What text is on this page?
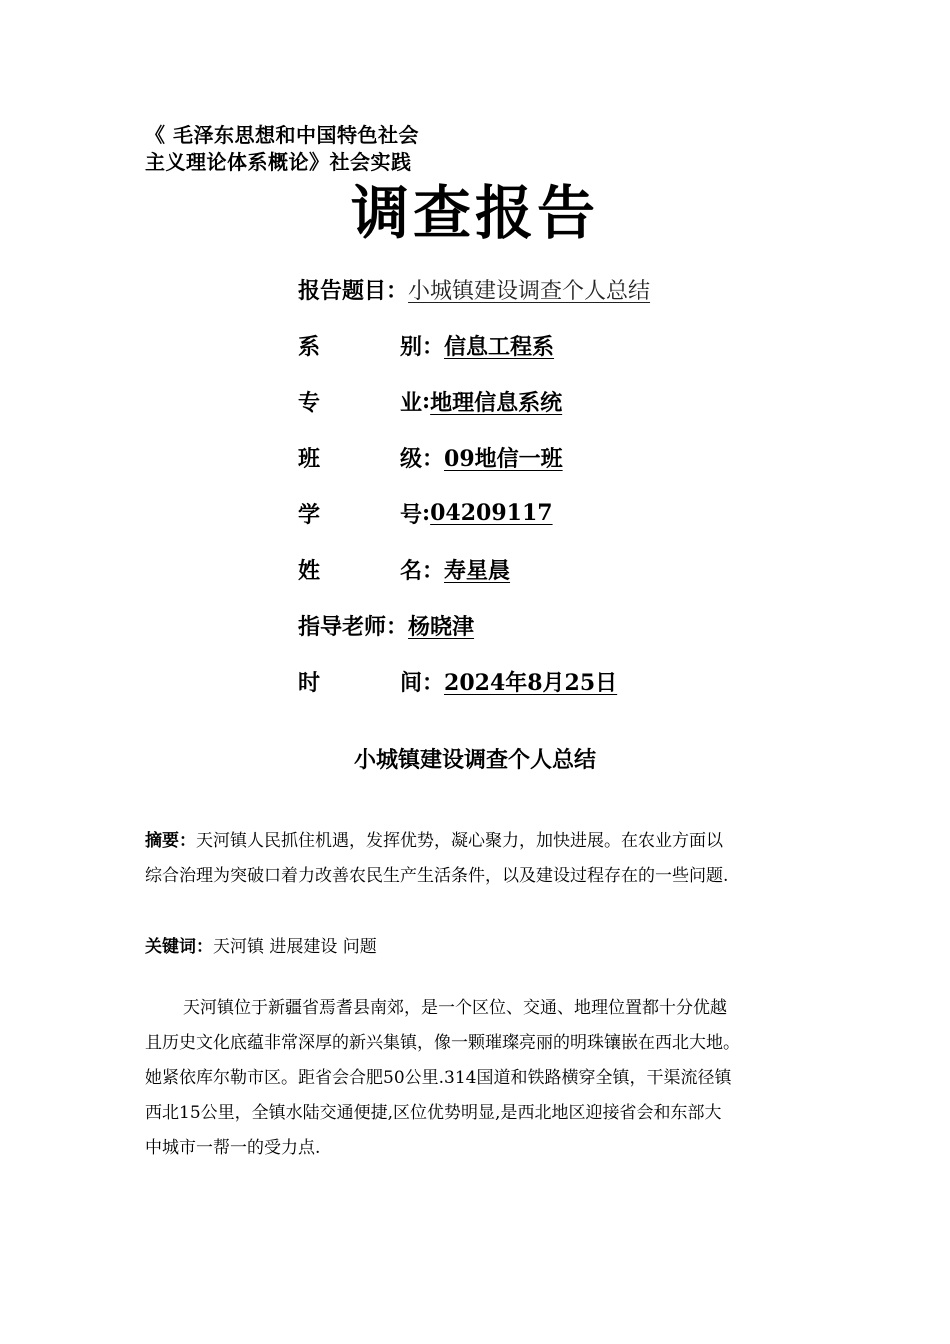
《 毛泽东思想和中国特色社会
主义理论体系概论》社会实践
调查报告
报告题目 ： 小城镇建设调查个人总结
系	别 ： 信息工程系
专	业 : 地理信息系统
班	级 ： 09地信一班
学	号 : 04209117
姓	名 ： 寿星晨
指导老师 ： 杨晓津
时	间 ： 2024年8月25日
小城镇建设调查个人总结
摘要：天河镇人民抓住机遇，发挥优势，凝心聚力，加快进展。在农业方面以
综合治理为突破口着力改善农民生产生活条件，以及建设过程存在的一些问题.
关键词：天河镇 进展建设 问题
天河镇位于新疆省焉耆县南郊，是一个区位、交通、地理位置都十分优越
且历史文化底蕴非常深厚的新兴集镇，像一颗璀璨亮丽的明珠镶嵌在西北大地。
她紧依库尔勒市区。距省会合肥50公里.314国道和铁路横穿全镇，干渠流径镇
西北15公里，全镇水陆交通便捷,区位优势明显,是西北地区迎接省会和东部大
中城市一帮一的受力点.
